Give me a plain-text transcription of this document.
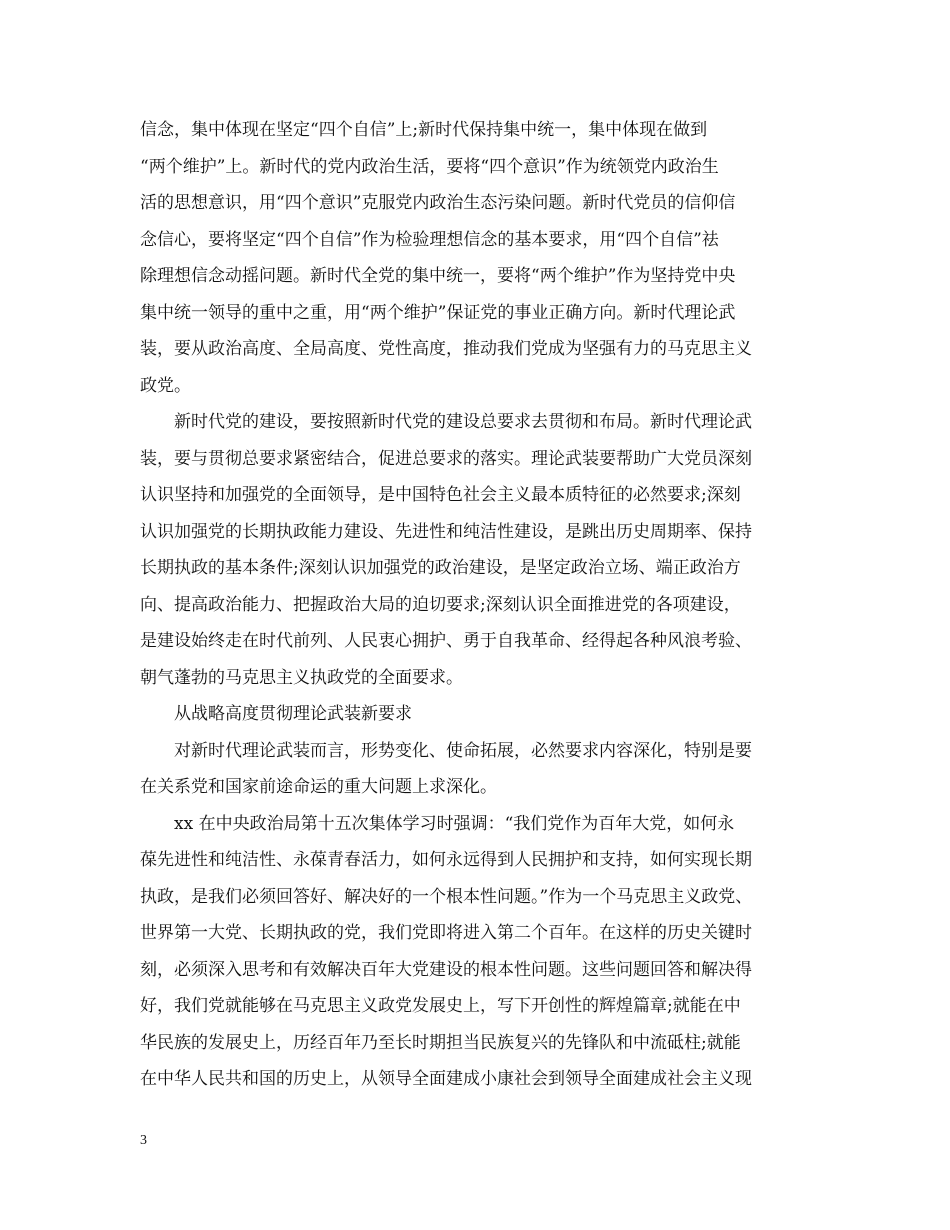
信念，集中体现在坚定“四个自信”上;新时代保持集中统一，集中体现在做到
“两个维护”上。新时代的党内政治生活，要将“四个意识”作为统领党内政治生
活的思想意识，用“四个意识”克服党内政治生态污染问题。新时代党员的信仰信
念信心，要将坚定“四个自信”作为检验理想信念的基本要求，用“四个自信”祛
除理想信念动摇问题。新时代全党的集中统一，要将“两个维护”作为坚持党中央
集中统一领导的重中之重，用“两个维护”保证党的事业正确方向。新时代理论武
装，要从政治高度、全局高度、党性高度，推动我们党成为坚强有力的马克思主义
政党。
　　新时代党的建设，要按照新时代党的建设总要求去贯彻和布局。新时代理论武
装，要与贯彻总要求紧密结合，促进总要求的落实。理论武装要帮助广大党员深刻
认识坚持和加强党的全面领导，是中国特色社会主义最本质特征的必然要求;深刻
认识加强党的长期执政能力建设、先进性和纯洁性建设，是跳出历史周期率、保持
长期执政的基本条件;深刻认识加强党的政治建设，是坚定政治立场、端正政治方
向、提高政治能力、把握政治大局的迫切要求;深刻认识全面推进党的各项建设，
是建设始终走在时代前列、人民衷心拥护、勇于自我革命、经得起各种风浪考验、
朝气蓬勃的马克思主义执政党的全面要求。
　　从战略高度贯彻理论武装新要求
　　对新时代理论武装而言，形势变化、使命拓展，必然要求内容深化，特别是要
在关系党和国家前途命运的重大问题上求深化。
　　xx 在中央政治局第十五次集体学习时强调：“我们党作为百年大党，如何永
葆先进性和纯洁性、永葆青春活力，如何永远得到人民拥护和支持，如何实现长期
执政，是我们必须回答好、解决好的一个根本性问题。”作为一个马克思主义政党、
世界第一大党、长期执政的党，我们党即将进入第二个百年。在这样的历史关键时
刻，必须深入思考和有效解决百年大党建设的根本性问题。这些问题回答和解决得
好，我们党就能够在马克思主义政党发展史上，写下开创性的辉煌篇章;就能在中
华民族的发展史上，历经百年乃至长时期担当民族复兴的先锋队和中流砥柱;就能
在中华人民共和国的历史上，从领导全面建成小康社会到领导全面建成社会主义现
3
